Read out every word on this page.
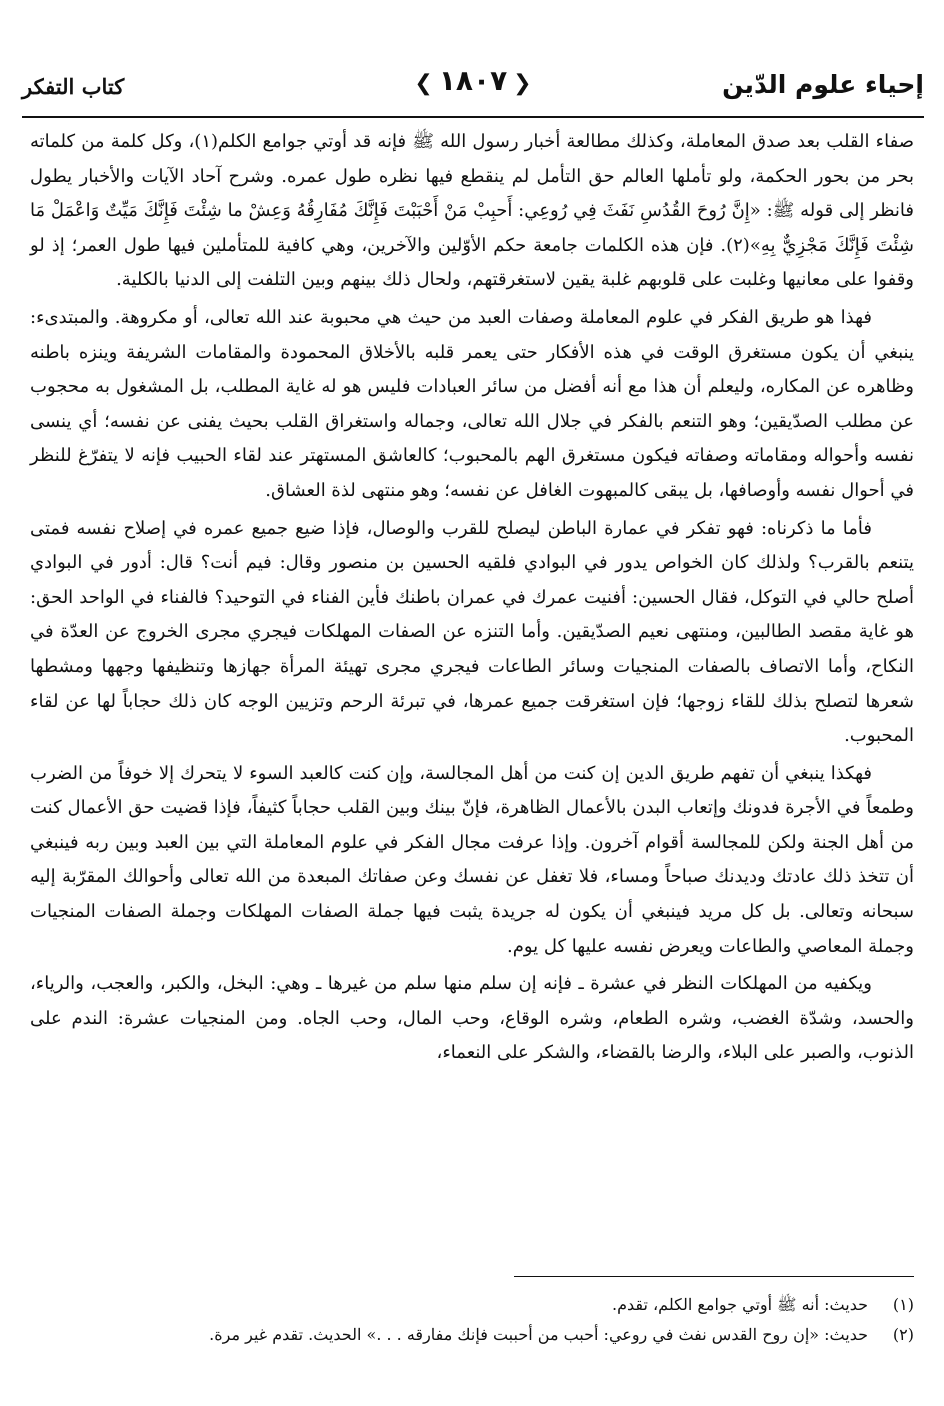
إحياء علوم الدّين
❮ ١٨٠٧ ❯
كتاب التفكر

صفاء القلب بعد صدق المعاملة، وكذلك مطالعة أخبار رسول الله ﷺ فإنه قد أوتي جوامع الكلم(١)، وكل كلمة من كلماته بحر من بحور الحكمة، ولو تأملها العالم حق التأمل لم ينقطع فيها نظره طول عمره. وشرح آحاد الآيات والأخبار يطول فانظر إلى قوله ﷺ: «إِنَّ رُوحَ القُدُسِ نَفَثَ فِي رُوعِي: أَحبِبْ مَنْ أَحْبَبْتَ فَإِنَّكَ مُفَارِقُهُ وَعِشْ ما شِئْتَ فَإِنَّكَ مَيِّتٌ وَاعْمَلْ مَا شِئْتَ فَإِنَّكَ مَجْزِيٌّ بِهِ»(٢). فإن هذه الكلمات جامعة حكم الأوّلين والآخرين، وهي كافية للمتأملين فيها طول العمر؛ إذ لو وقفوا على معانيها وغلبت على قلوبهم غلبة يقين لاستغرقتهم، ولحال ذلك بينهم وبين التلفت إلى الدنيا بالكلية.

فهذا هو طريق الفكر في علوم المعاملة وصفات العبد من حيث هي محبوبة عند الله تعالى، أو مكروهة. والمبتدىء: ينبغي أن يكون مستغرق الوقت في هذه الأفكار حتى يعمر قلبه بالأخلاق المحمودة والمقامات الشريفة وينزه باطنه وظاهره عن المكاره، وليعلم أن هذا مع أنه أفضل من سائر العبادات فليس هو له غاية المطلب، بل المشغول به محجوب عن مطلب الصدّيقين؛ وهو التنعم بالفكر في جلال الله تعالى، وجماله واستغراق القلب بحيث يفنى عن نفسه؛ أي ينسى نفسه وأحواله ومقاماته وصفاته فيكون مستغرق الهم بالمحبوب؛ كالعاشق المستهتر عند لقاء الحبيب فإنه لا يتفرّغ للنظر في أحوال نفسه وأوصافها، بل يبقى كالمبهوت الغافل عن نفسه؛ وهو منتهى لذة العشاق.

فأما ما ذكرناه: فهو تفكر في عمارة الباطن ليصلح للقرب والوصال، فإذا ضيع جميع عمره في إصلاح نفسه فمتى يتنعم بالقرب؟ ولذلك كان الخواص يدور في البوادي فلقيه الحسين بن منصور وقال: فيم أنت؟ قال: أدور في البوادي أصلح حالي في التوكل، فقال الحسين: أفنيت عمرك في عمران باطنك فأين الفناء في التوحيد؟ فالفناء في الواحد الحق: هو غاية مقصد الطالبين، ومنتهى نعيم الصدّيقين. وأما التنزه عن الصفات المهلكات فيجري مجرى الخروج عن العدّة في النكاح، وأما الاتصاف بالصفات المنجيات وسائر الطاعات فيجري مجرى تهيئة المرأة جهازها وتنظيفها وجهها ومشطها شعرها لتصلح بذلك للقاء زوجها؛ فإن استغرقت جميع عمرها، في تبرئة الرحم وتزيين الوجه كان ذلك حجاباً لها عن لقاء المحبوب.

فهكذا ينبغي أن تفهم طريق الدين إن كنت من أهل المجالسة، وإن كنت كالعبد السوء لا يتحرك إلا خوفاً من الضرب وطمعاً في الأجرة فدونك وإتعاب البدن بالأعمال الظاهرة، فإنّ بينك وبين القلب حجاباً كثيفاً، فإذا قضيت حق الأعمال كنت من أهل الجنة ولكن للمجالسة أقوام آخرون. وإذا عرفت مجال الفكر في علوم المعاملة التي بين العبد وبين ربه فينبغي أن تتخذ ذلك عادتك وديدنك صباحاً ومساء، فلا تغفل عن نفسك وعن صفاتك المبعدة من الله تعالى وأحوالك المقرّبة إليه سبحانه وتعالى. بل كل مريد فينبغي أن يكون له جريدة يثبت فيها جملة الصفات المهلكات وجملة الصفات المنجيات وجملة المعاصي والطاعات ويعرض نفسه عليها كل يوم.

ويكفيه من المهلكات النظر في عشرة ـ فإنه إن سلم منها سلم من غيرها ـ وهي: البخل، والكبر، والعجب، والرياء، والحسد، وشدّة الغضب، وشره الطعام، وشره الوقاع، وحب المال، وحب الجاه. ومن المنجيات عشرة: الندم على الذنوب، والصبر على البلاء، والرضا بالقضاء، والشكر على النعماء،

(١)
حديث: أنه ﷺ أوتي جوامع الكلم، تقدم.
(٢)
حديث: «إن روح القدس نفث في روعي: أحبب من أحببت فإنك مفارقه . . .» الحديث. تقدم غير مرة.
